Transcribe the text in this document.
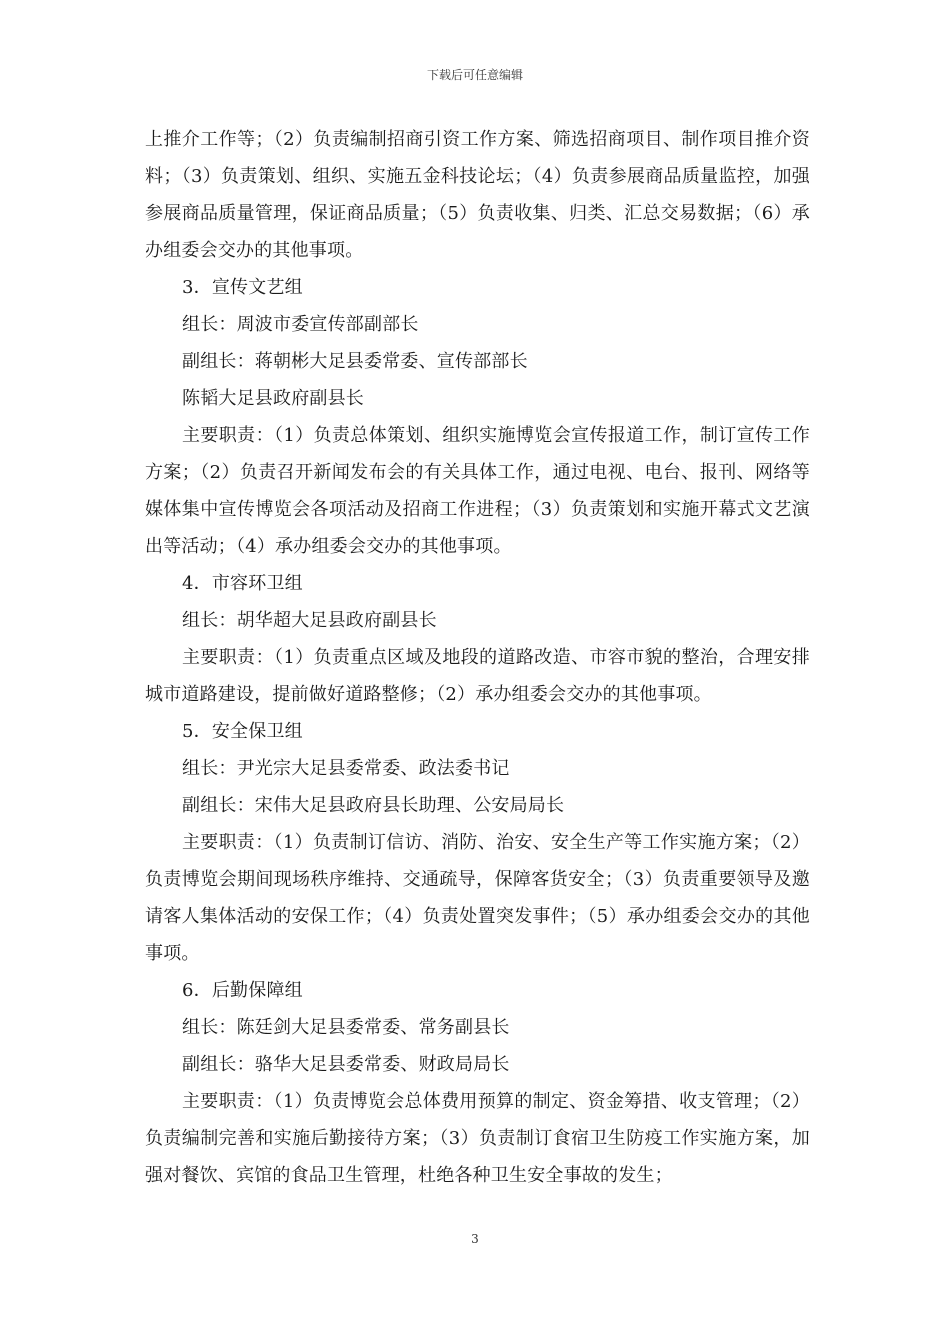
下载后可任意编辑

上推介工作等；（2）负责编制招商引资工作方案、筛选招商项目、制作项目推介资料；（3）负责策划、组织、实施五金科技论坛；（4）负责参展商品质量监控，加强参展商品质量管理，保证商品质量；（5）负责收集、归类、汇总交易数据；（6）承办组委会交办的其他事项。

3．宣传文艺组

组长：周波市委宣传部副部长

副组长：蒋朝彬大足县委常委、宣传部部长

陈韬大足县政府副县长

主要职责：（1）负责总体策划、组织实施博览会宣传报道工作，制订宣传工作方案；（2）负责召开新闻发布会的有关具体工作，通过电视、电台、报刊、网络等媒体集中宣传博览会各项活动及招商工作进程；（3）负责策划和实施开幕式文艺演出等活动；（4）承办组委会交办的其他事项。

4．市容环卫组

组长：胡华超大足县政府副县长

主要职责：（1）负责重点区域及地段的道路改造、市容市貌的整治，合理安排城市道路建设，提前做好道路整修；（2）承办组委会交办的其他事项。

5．安全保卫组

组长：尹光宗大足县委常委、政法委书记

副组长：宋伟大足县政府县长助理、公安局局长

主要职责：（1）负责制订信访、消防、治安、安全生产等工作实施方案；（2）负责博览会期间现场秩序维持、交通疏导，保障客货安全；（3）负责重要领导及邀请客人集体活动的安保工作；（4）负责处置突发事件；（5）承办组委会交办的其他事项。

6．后勤保障组

组长：陈廷剑大足县委常委、常务副县长

副组长：骆华大足县委常委、财政局局长

主要职责：（1）负责博览会总体费用预算的制定、资金筹措、收支管理；（2）负责编制完善和实施后勤接待方案；（3）负责制订食宿卫生防疫工作实施方案，加强对餐饮、宾馆的食品卫生管理，杜绝各种卫生安全事故的发生；

3
